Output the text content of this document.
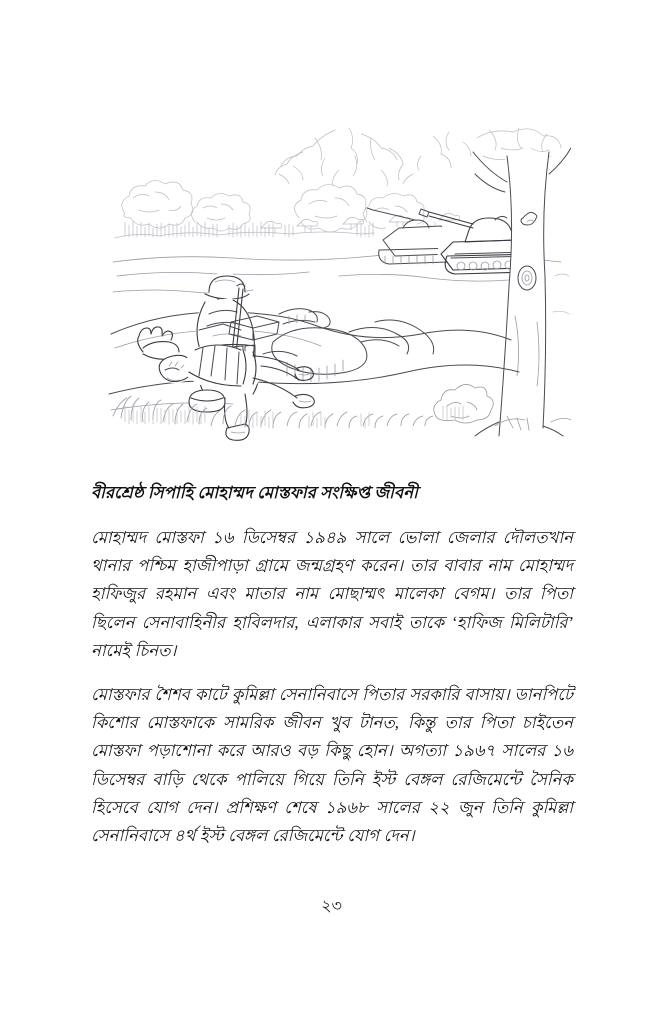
বীরশ্রেষ্ঠ সিপাহি মোহাম্মদ মোস্তফার সংক্ষিপ্ত জীবনী

মোহাম্মদ মোস্তফা ১৬ ডিসেম্বর ১৯৪৯ সালে ভোলা জেলার দৌলতখান থানার পশ্চিম হাজীপাড়া গ্রামে জন্মগ্রহণ করেন। তার বাবার নাম মোহাম্মদ হাফিজুর রহমান এবং মাতার নাম মোছাম্মৎ মালেকা বেগম। তার পিতা ছিলেন সেনাবাহিনীর হাবিলদার, এলাকার সবাই তাকে ‘হাফিজ মিলিটারি’ নামেই চিনত।

মোস্তফার শৈশব কাটে কুমিল্লা সেনানিবাসে পিতার সরকারি বাসায়। ডানপিটে কিশোর মোস্তফাকে সামরিক জীবন খুব টানত, কিন্তু তার পিতা চাইতেন মোস্তফা পড়াশোনা করে আরও বড় কিছু হোন। অগত্যা ১৯৬৭ সালের ১৬ ডিসেম্বর বাড়ি থেকে পালিয়ে গিয়ে তিনি ইস্ট বেঙ্গল রেজিমেন্টে সৈনিক হিসেবে যোগ দেন। প্রশিক্ষণ শেষে ১৯৬৮ সালের ২২ জুন তিনি কুমিল্লা সেনানিবাসে ৪র্থ ইস্ট বেঙ্গল রেজিমেন্টে যোগ দেন।

২৩
